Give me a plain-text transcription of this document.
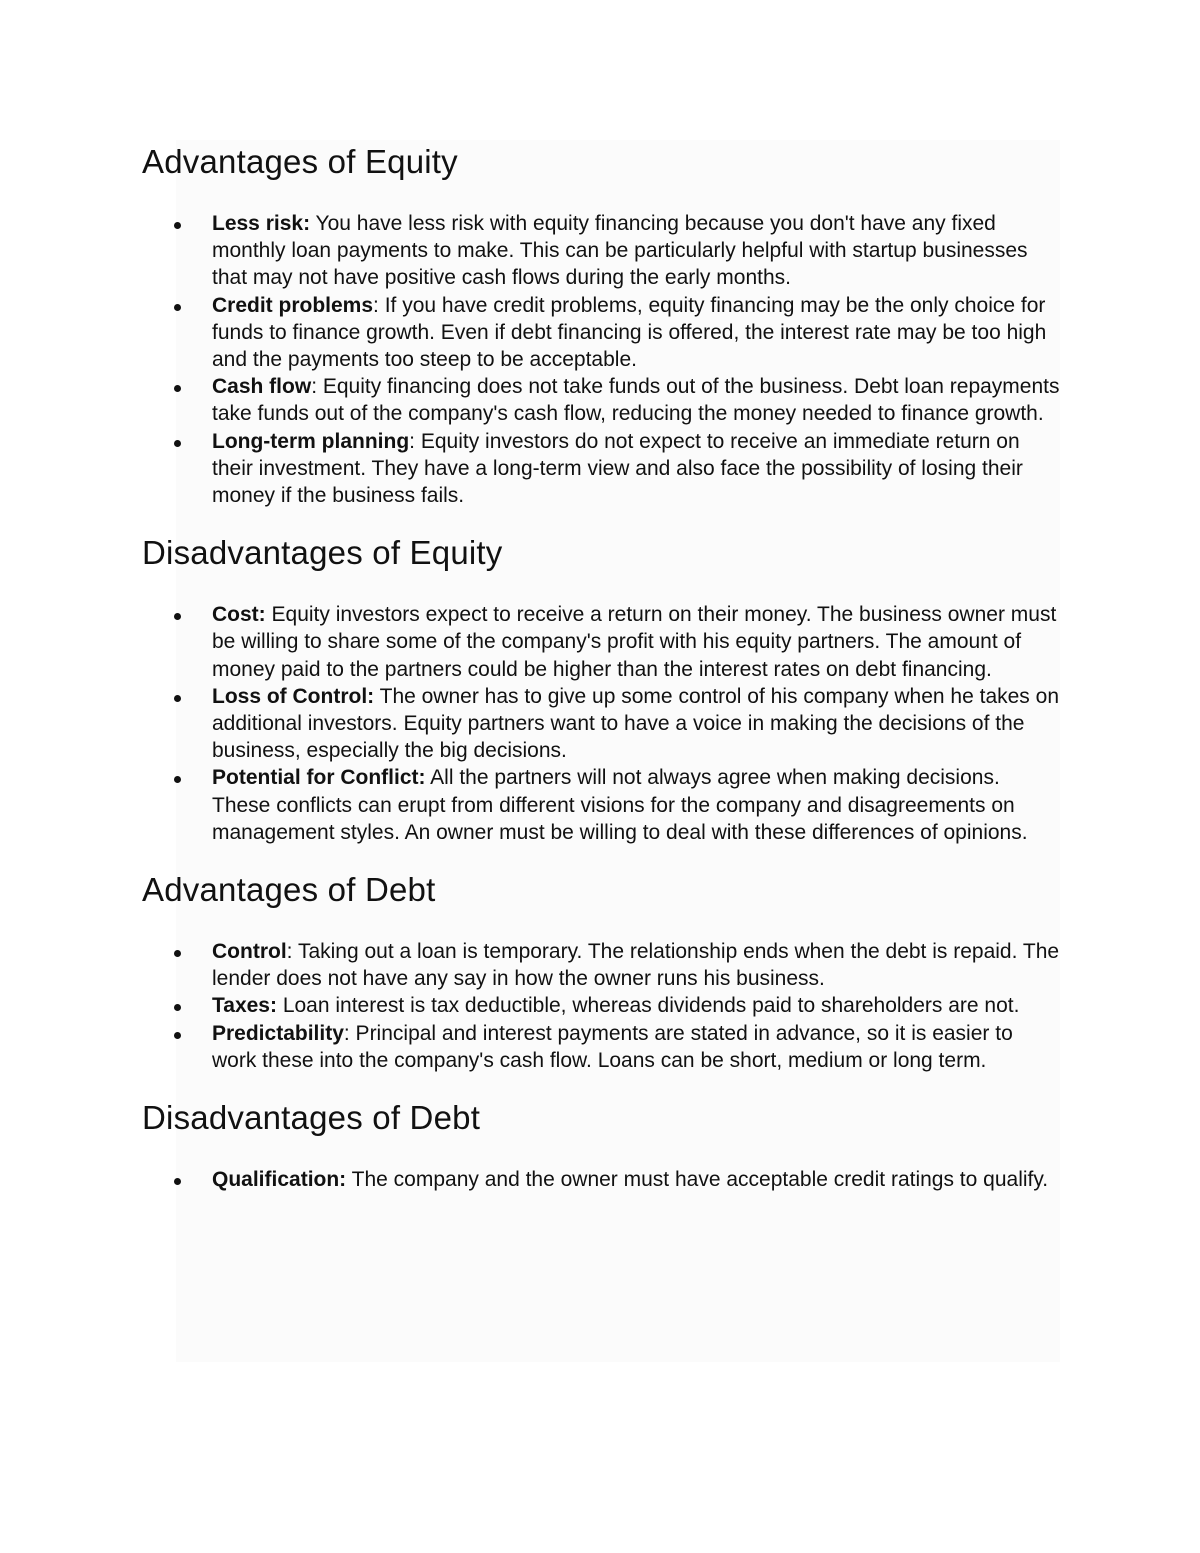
Advantages of Equity
Less risk: You have less risk with equity financing because you don't have any fixed monthly loan payments to make. This can be particularly helpful with startup businesses that may not have positive cash flows during the early months.
Credit problems: If you have credit problems, equity financing may be the only choice for funds to finance growth. Even if debt financing is offered, the interest rate may be too high and the payments too steep to be acceptable.
Cash flow: Equity financing does not take funds out of the business. Debt loan repayments take funds out of the company's cash flow, reducing the money needed to finance growth.
Long-term planning: Equity investors do not expect to receive an immediate return on their investment. They have a long-term view and also face the possibility of losing their money if the business fails.
Disadvantages of Equity
Cost: Equity investors expect to receive a return on their money. The business owner must be willing to share some of the company's profit with his equity partners. The amount of money paid to the partners could be higher than the interest rates on debt financing.
Loss of Control: The owner has to give up some control of his company when he takes on additional investors. Equity partners want to have a voice in making the decisions of the business, especially the big decisions.
Potential for Conflict: All the partners will not always agree when making decisions. These conflicts can erupt from different visions for the company and disagreements on management styles. An owner must be willing to deal with these differences of opinions.
Advantages of Debt
Control: Taking out a loan is temporary. The relationship ends when the debt is repaid. The lender does not have any say in how the owner runs his business.
Taxes: Loan interest is tax deductible, whereas dividends paid to shareholders are not.
Predictability: Principal and interest payments are stated in advance, so it is easier to work these into the company's cash flow. Loans can be short, medium or long term.
Disadvantages of Debt
Qualification: The company and the owner must have acceptable credit ratings to qualify.
